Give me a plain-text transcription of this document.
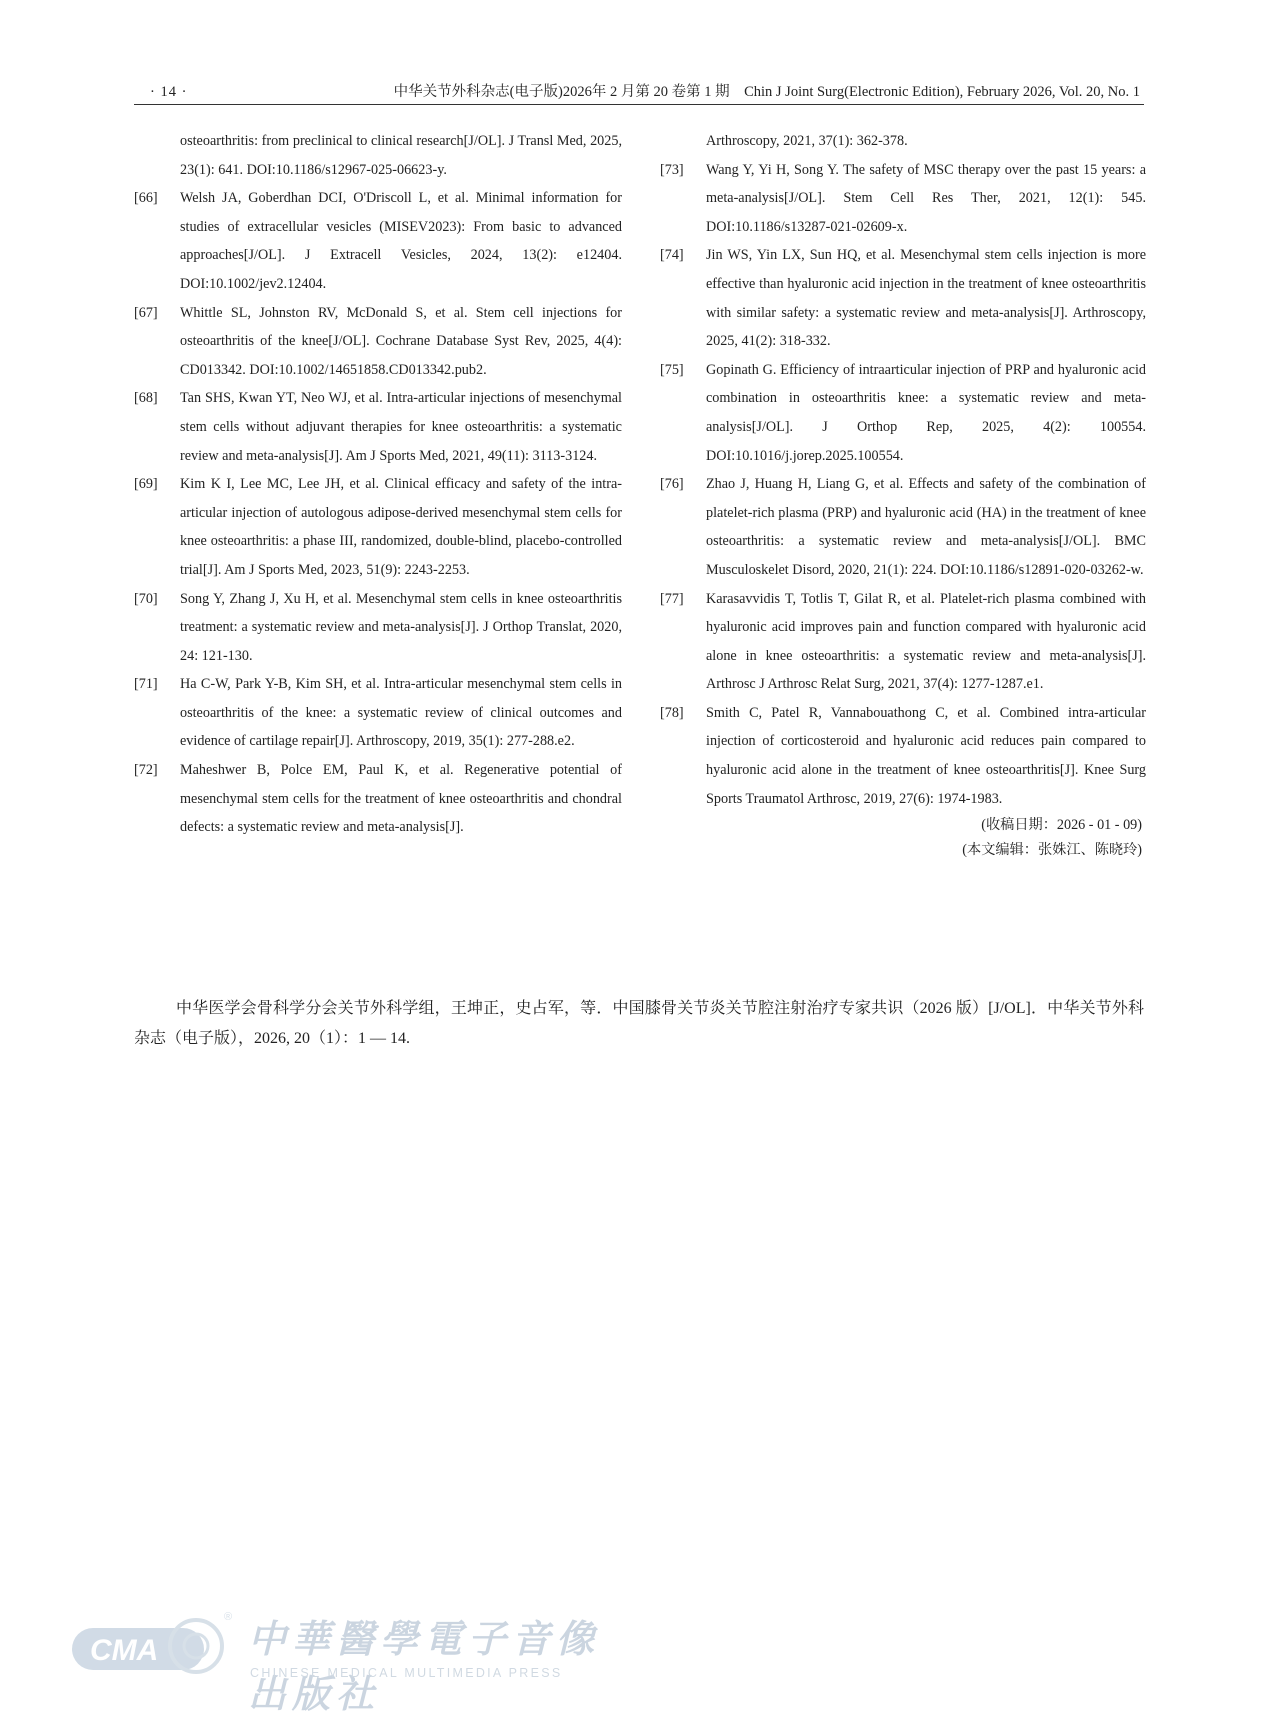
· 14 ·	中华关节外科杂志(电子版)2026年 2 月第 20 卷第 1 期　Chin J Joint Surg(Electronic Edition), February 2026, Vol. 20, No. 1
osteoarthritis: from preclinical to clinical research[J/OL]. J Transl Med, 2025, 23(1): 641. DOI:10.1186/s12967-025-06623-y.
[66] Welsh JA, Goberdhan DCI, O'Driscoll L, et al. Minimal information for studies of extracellular vesicles (MISEV2023): From basic to advanced approaches[J/OL]. J Extracell Vesicles, 2024, 13(2): e12404. DOI:10.1002/jev2.12404.
[67] Whittle SL, Johnston RV, McDonald S, et al. Stem cell injections for osteoarthritis of the knee[J/OL]. Cochrane Database Syst Rev, 2025, 4(4): CD013342. DOI:10.1002/14651858.CD013342.pub2.
[68] Tan SHS, Kwan YT, Neo WJ, et al. Intra-articular injections of mesenchymal stem cells without adjuvant therapies for knee osteoarthritis: a systematic review and meta-analysis[J]. Am J Sports Med, 2021, 49(11): 3113-3124.
[69] Kim K I, Lee MC, Lee JH, et al. Clinical efficacy and safety of the intra-articular injection of autologous adipose-derived mesenchymal stem cells for knee osteoarthritis: a phase III, randomized, double-blind, placebo-controlled trial[J]. Am J Sports Med, 2023, 51(9): 2243-2253.
[70] Song Y, Zhang J, Xu H, et al. Mesenchymal stem cells in knee osteoarthritis treatment: a systematic review and meta-analysis[J]. J Orthop Translat, 2020, 24: 121-130.
[71] Ha C-W, Park Y-B, Kim SH, et al. Intra-articular mesenchymal stem cells in osteoarthritis of the knee: a systematic review of clinical outcomes and evidence of cartilage repair[J]. Arthroscopy, 2019, 35(1): 277-288.e2.
[72] Maheshwer B, Polce EM, Paul K, et al. Regenerative potential of mesenchymal stem cells for the treatment of knee osteoarthritis and chondral defects: a systematic review and meta-analysis[J].
Arthroscopy, 2021, 37(1): 362-378.
[73] Wang Y, Yi H, Song Y. The safety of MSC therapy over the past 15 years: a meta-analysis[J/OL]. Stem Cell Res Ther, 2021, 12(1): 545. DOI:10.1186/s13287-021-02609-x.
[74] Jin WS, Yin LX, Sun HQ, et al. Mesenchymal stem cells injection is more effective than hyaluronic acid injection in the treatment of knee osteoarthritis with similar safety: a systematic review and meta-analysis[J]. Arthroscopy, 2025, 41(2): 318-332.
[75] Gopinath G. Efficiency of intraarticular injection of PRP and hyaluronic acid combination in osteoarthritis knee: a systematic review and meta-analysis[J/OL]. J Orthop Rep, 2025, 4(2): 100554. DOI:10.1016/j.jorep.2025.100554.
[76] Zhao J, Huang H, Liang G, et al. Effects and safety of the combination of platelet-rich plasma (PRP) and hyaluronic acid (HA) in the treatment of knee osteoarthritis: a systematic review and meta-analysis[J/OL]. BMC Musculoskelet Disord, 2020, 21(1): 224. DOI:10.1186/s12891-020-03262-w.
[77] Karasavvidis T, Totlis T, Gilat R, et al. Platelet-rich plasma combined with hyaluronic acid improves pain and function compared with hyaluronic acid alone in knee osteoarthritis: a systematic review and meta-analysis[J]. Arthrosc J Arthrosc Relat Surg, 2021, 37(4): 1277-1287.e1.
[78] Smith C, Patel R, Vannabouathong C, et al. Combined intra-articular injection of corticosteroid and hyaluronic acid reduces pain compared to hyaluronic acid alone in the treatment of knee osteoarthritis[J]. Knee Surg Sports Traumatol Arthrosc, 2019, 27(6): 1974-1983.
(收稿日期：2026 - 01 - 09)
(本文编辑：张姝江、陈晓玲)
中华医学会骨科学分会关节外科学组，王坤正，史占军，等．中国膝骨关节炎关节腔注射治疗专家共识（2026 版）[J/OL]．中华关节外科杂志（电子版），2026, 20（1）：1 — 14.
CMA
®
中華醫學電子音像出版社
CHINESE MEDICAL MULTIMEDIA PRESS
